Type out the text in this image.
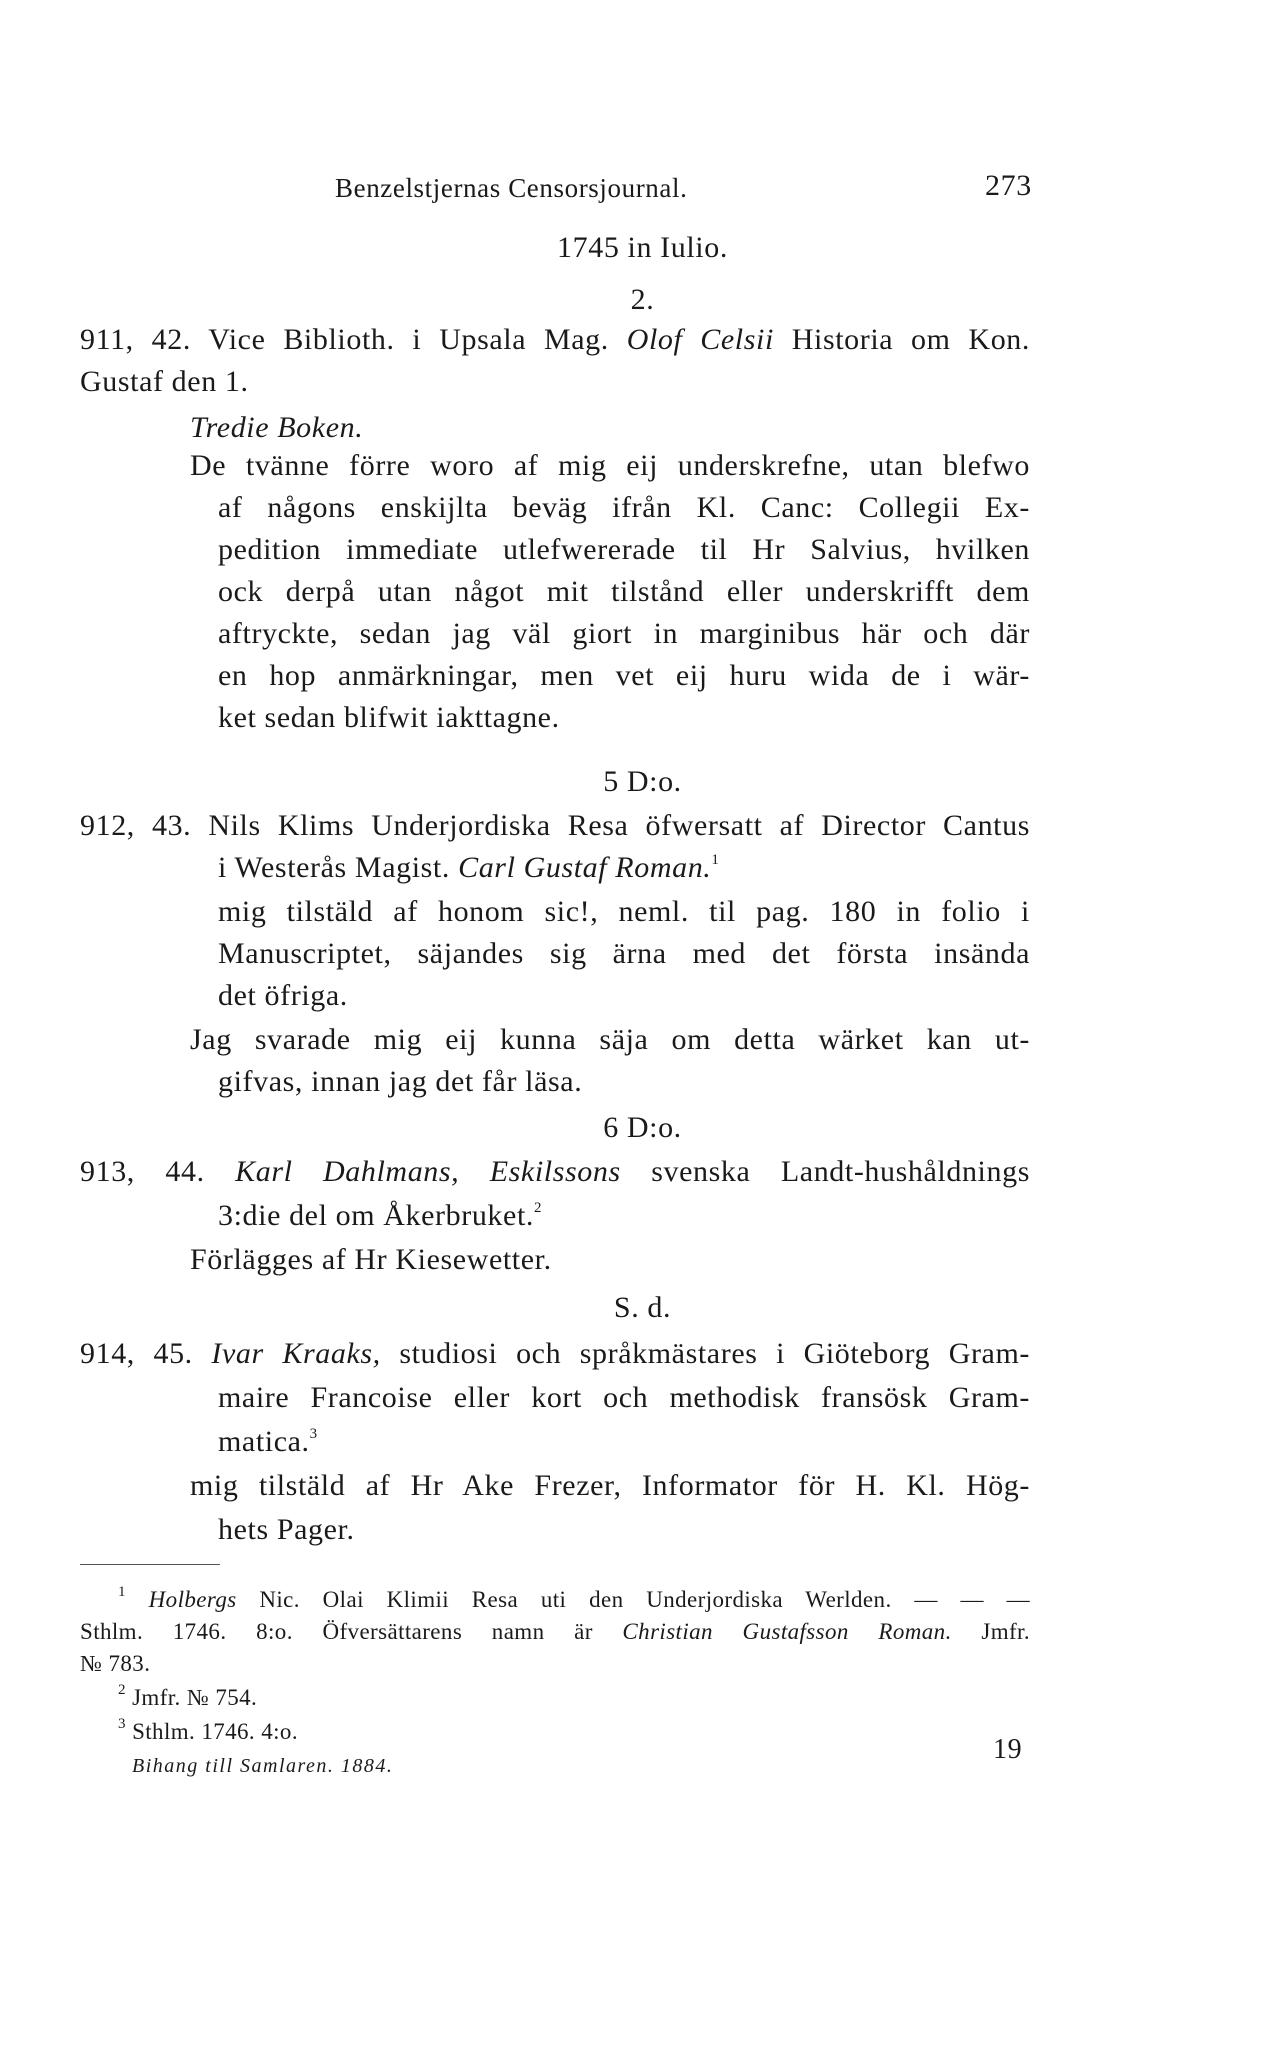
Benzelstjernas Censorsjournal.	273
1745 in Iulio.
2.
911, 42. Vice Biblioth. i Upsala Mag. Olof Celsii Historia om Kon.
Gustaf den 1.
Tredie Boken.
De tvänne förre woro af mig eij underskrefne, utan blefwo
af någons enskijlta beväg ifrån Kl. Canc: Collegii Ex-
pedition immediate utlefwererade til Hr Salvius, hvilken
ock derpå utan något mit tilstånd eller underskrifft dem
aftryckte, sedan jag väl giort in marginibus här och där
en hop anmärkningar, men vet eij huru wida de i wär-
ket sedan blifwit iakttagne.
5 D:o.
912, 43. Nils Klims Underjordiska Resa öfwersatt af Director Cantus
i Westerås Magist. Carl Gustaf Roman.$^1$
mig tilstäld af honom sic!, neml. til pag. 180 in folio i
Manuscriptet, säjandes sig ärna med det första insända
det öfriga.
Jag svarade mig eij kunna säja om detta wärket kan ut-
gifvas, innan jag det får läsa.
6 D:o.
913, 44. Karl Dahlmans, Eskilssons svenska Landt-hushåldnings
3:die del om Åkerbruket.$^2$
Förlägges af Hr Kiesewetter.
S. d.
914, 45. Ivar Kraaks, studiosi och språkmästares i Giöteborg Gram-
maire Francoise eller kort och methodisk fransösk Gram-
matica.$^3$
mig tilstäld af Hr Ake Frezer, Informator för H. Kl. Hög-
hets Pager.
$^1$ Holbergs Nic. Olai Klimii Resa uti den Underjordiska Werlden. — — —
Sthlm. 1746. 8:o. Öfversättarens namn är Christian Gustafsson Roman. Jmfr.
№ 783.
$^2$ Jmfr. № 754.
$^3$ Sthlm. 1746. 4:o.
Bihang till Samlaren. 1884.
19
